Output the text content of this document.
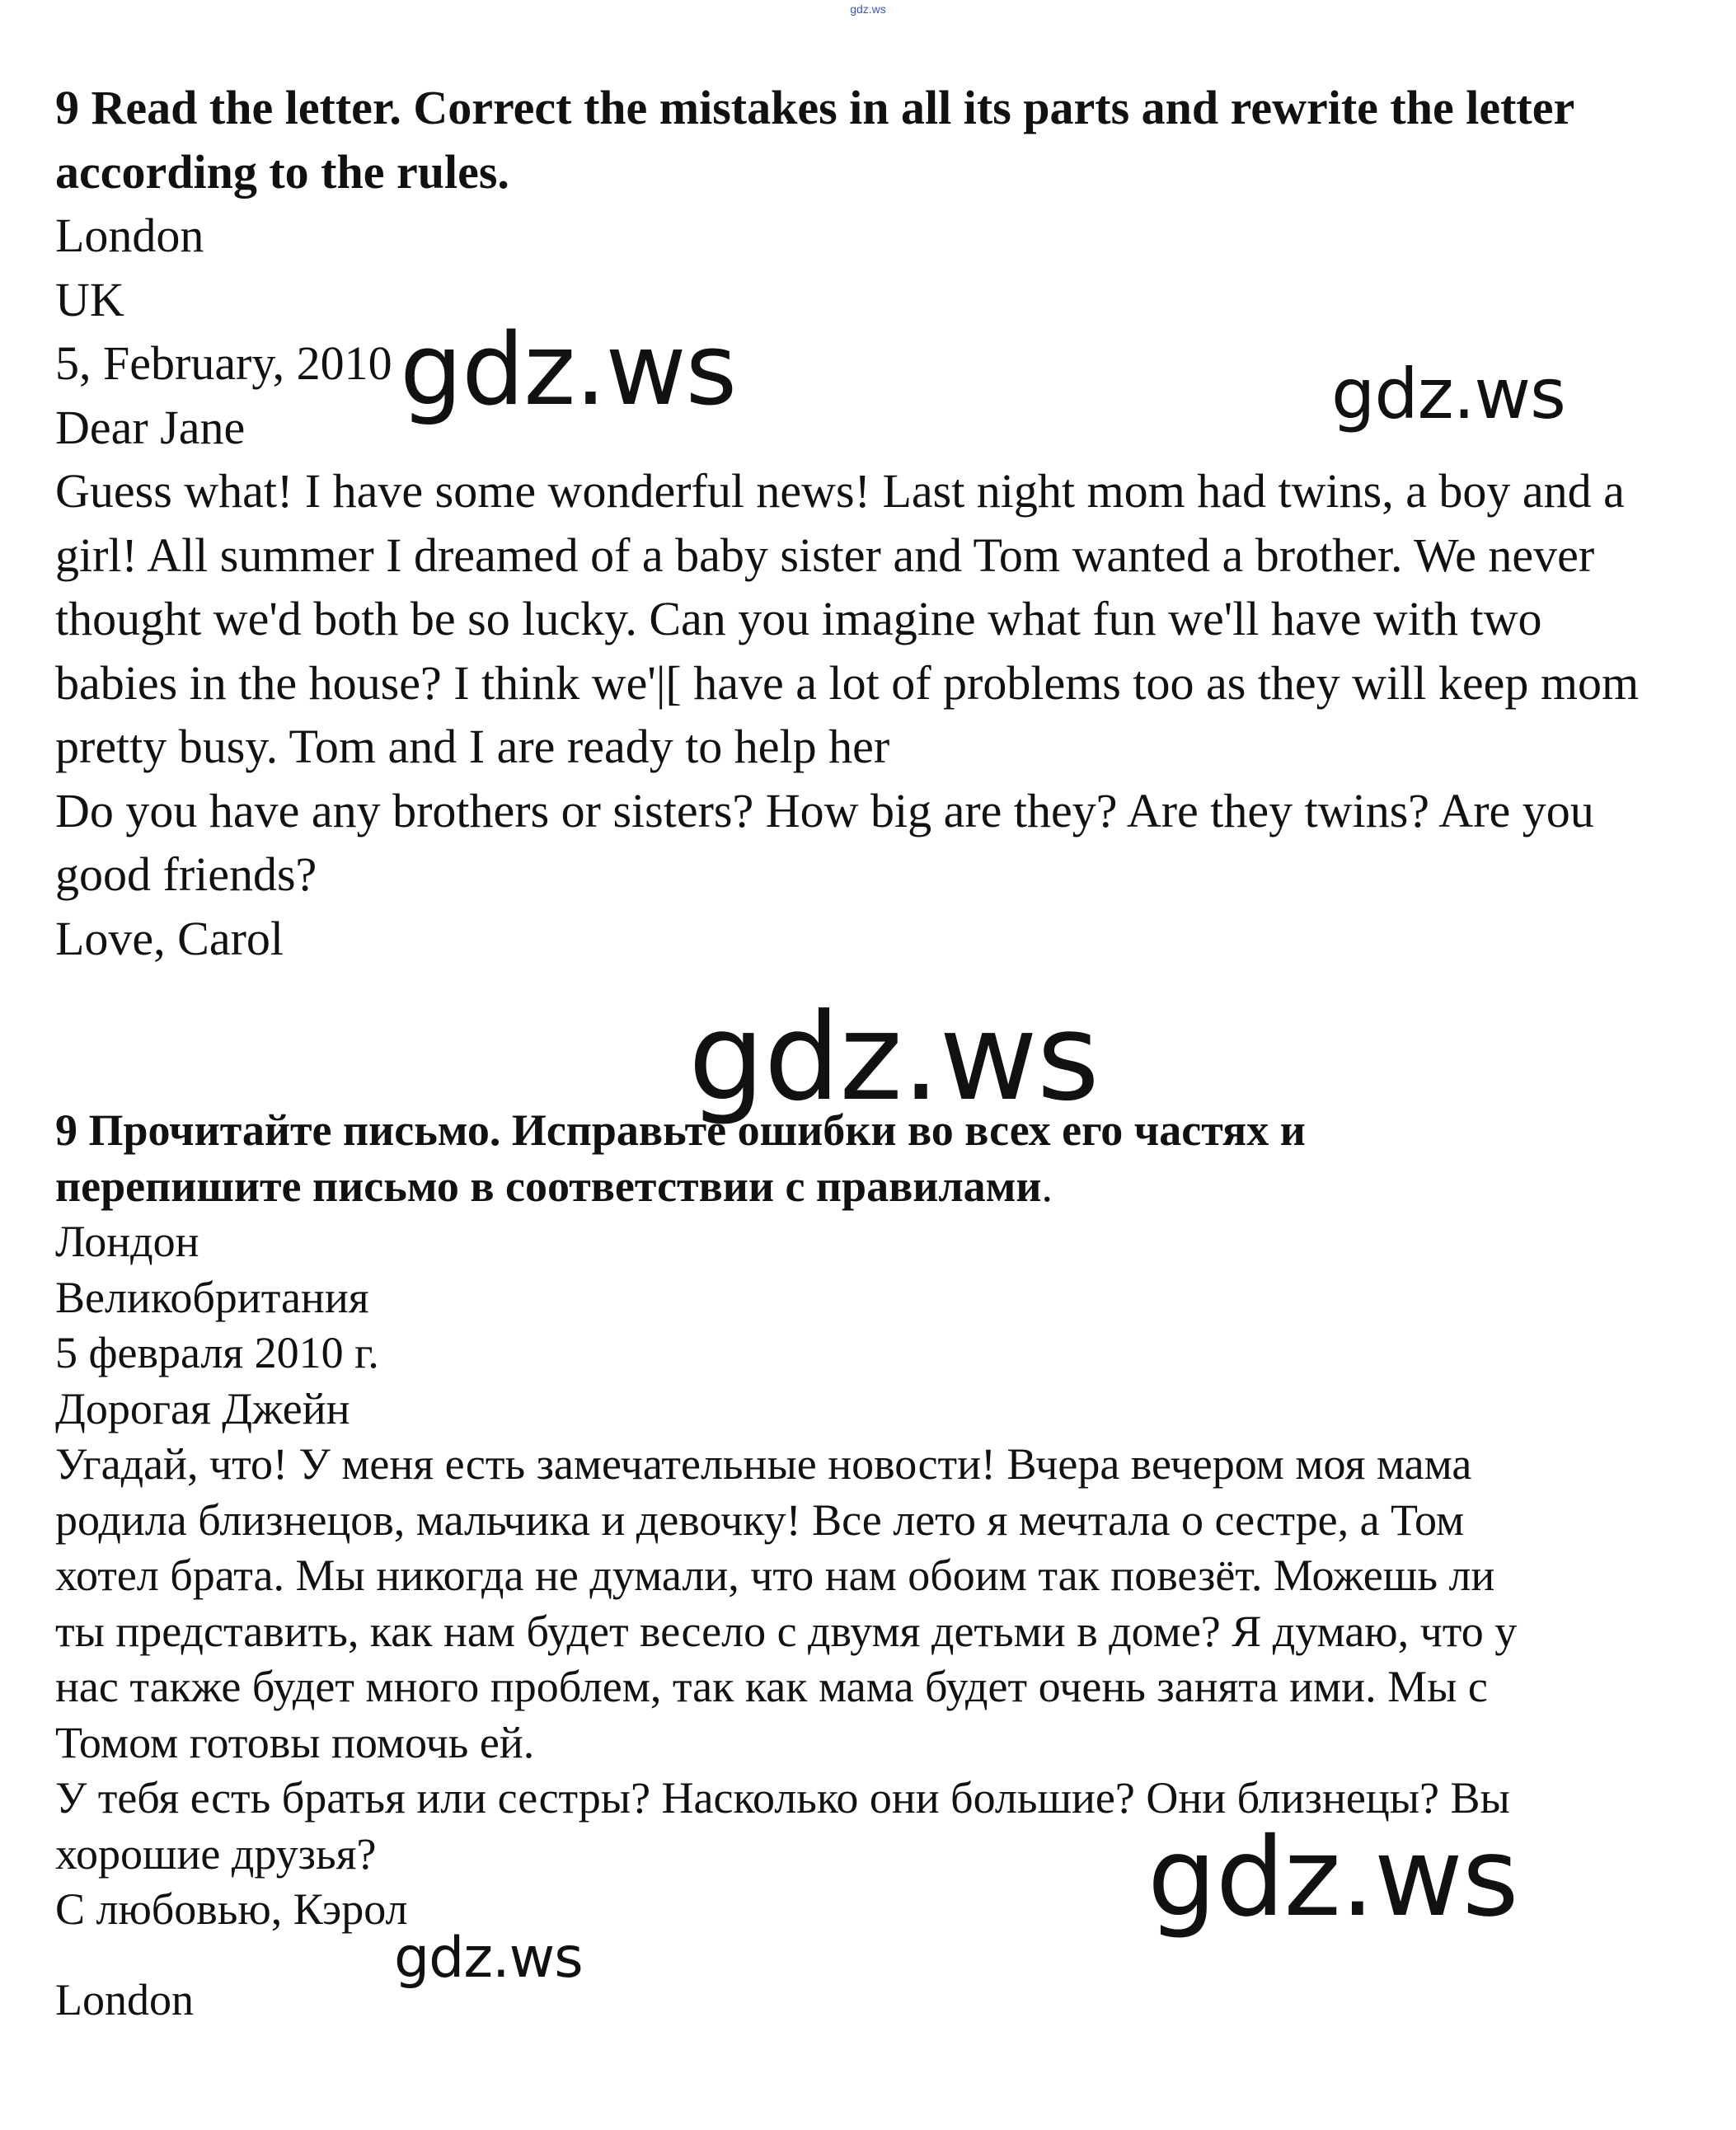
gdz.ws

9 Read the letter. Correct the mistakes in all its parts and rewrite the letter

according to the rules.

London

UK

5, February, 2010

Dear Jane

Guess what! I have some wonderful news! Last night mom had twins, a boy and a

girl! All summer I dreamed of a baby sister and Tom wanted a brother. We never

thought we'd both be so lucky. Can you imagine what fun we'll have with two

babies in the house? I think we'|[ have a lot of problems too as they will keep mom

pretty busy. Tom and I are ready to help her

Do you have any brothers or sisters? How big are they? Are they twins? Are you

good friends?

Love, Carol

9 Прочитайте письмо. Исправьте ошибки во всех его частях и

перепишите письмо в соответствии с правилами.

Лондон

Великобритания

5 февраля 2010 г.

Дорогая Джейн

Угадай, что! У меня есть замечательные новости! Вчера вечером моя мама

родила близнецов, мальчика и девочку! Все лето я мечтала о сестре, а Том

хотел брата. Мы никогда не думали, что нам обоим так повезёт. Можешь ли

ты представить, как нам будет весело с двумя детьми в доме? Я думаю, что у

нас также будет много проблем, так как мама будет очень занята ими. Мы с

Томом готовы помочь ей.

У тебя есть братья или сестры? Насколько они большие? Они близнецы? Вы

хорошие друзья?

С любовью, Кэрол

London
gdz.ws	gdz.ws
gdz.ws
gdz.ws
gdz.ws
